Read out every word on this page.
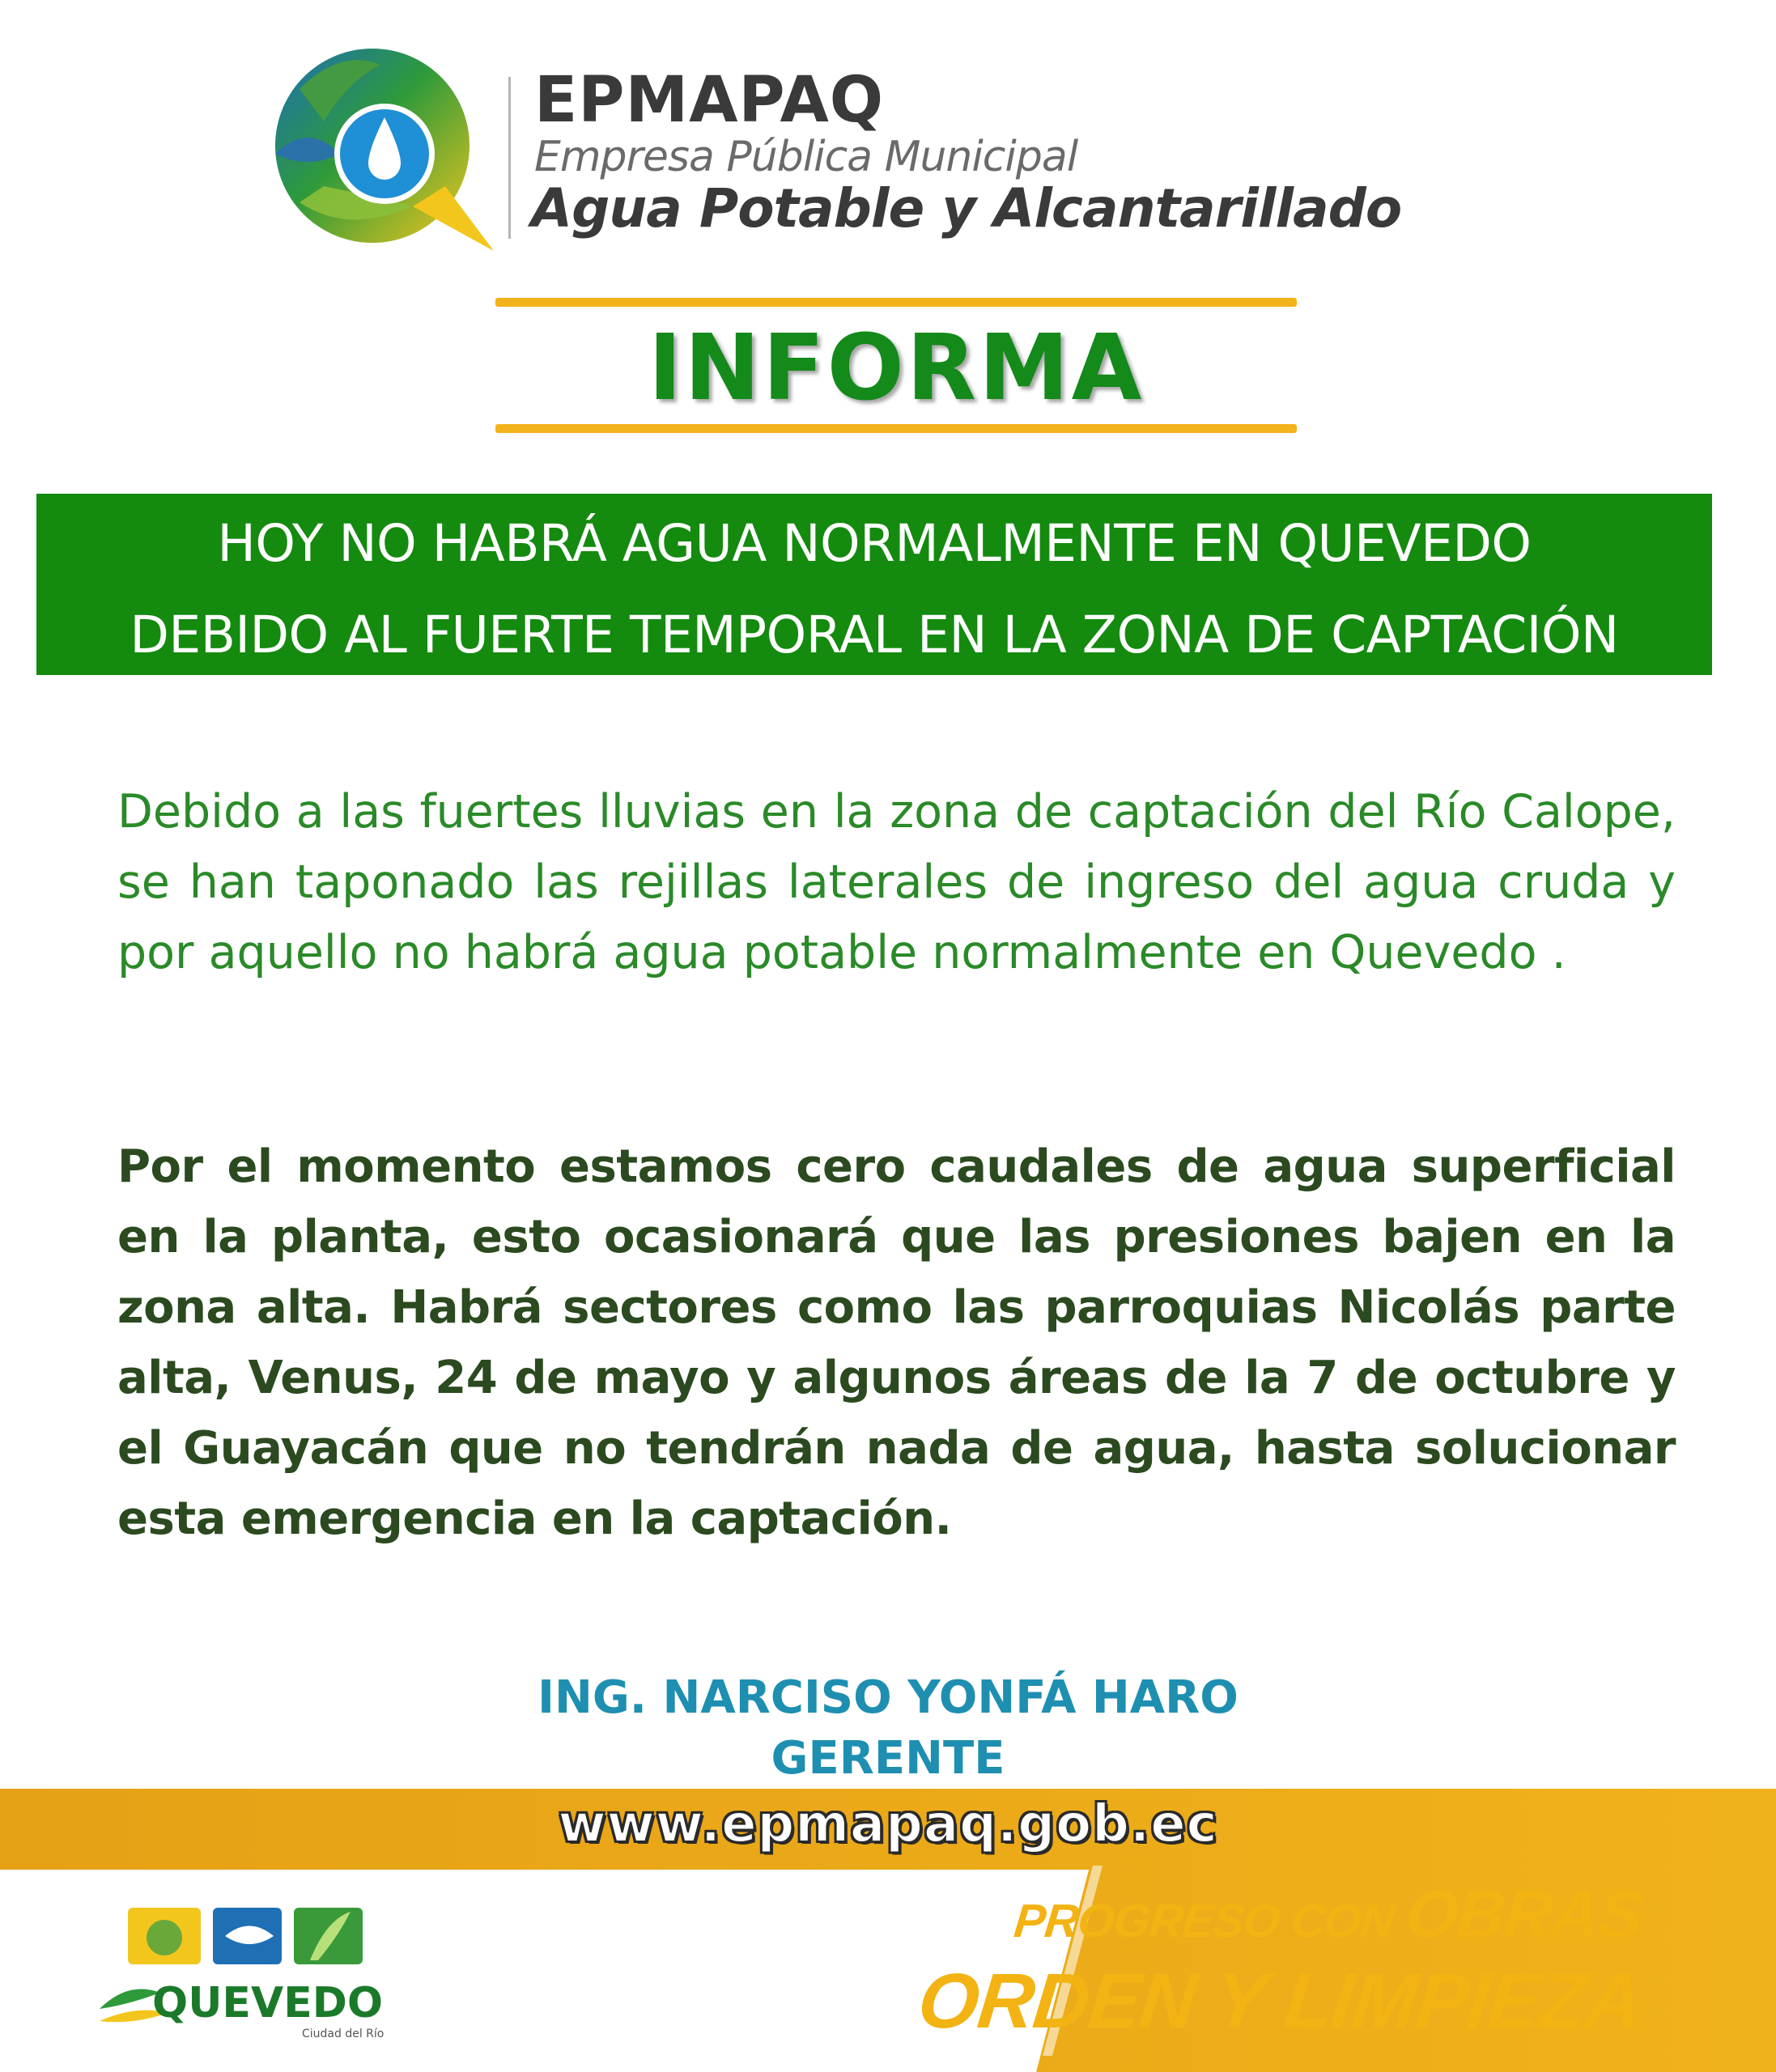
EPMAPAQ
Empresa Pública Municipal
Agua Potable y Alcantarillado
INFORMA
HOY NO HABRÁ AGUA NORMALMENTE EN QUEVEDO
DEBIDO AL FUERTE TEMPORAL EN LA ZONA DE CAPTACIÓN

Debido a las fuertes lluvias en la zona de captación del Río Calope, se han taponado las rejillas laterales de ingreso del agua cruda y por aquello no habrá agua potable normalmente en Quevedo .

Por el momento estamos cero caudales de agua superficial en la planta, esto ocasionará que las presiones bajen en la zona alta. Habrá sectores como las parroquias Nicolás parte alta, Venus, 24 de mayo y algunos áreas de la 7 de octubre y el Guayacán que no tendrán nada de agua, hasta solucionar esta emergencia en la captación.

ING. NARCISO YONFÁ HARO
GERENTE
www.epmapaq.gob.ec
QUEVEDO
Ciudad del Río
PROGRESO CON OBRAS
ORDEN Y LIMPIEZA
